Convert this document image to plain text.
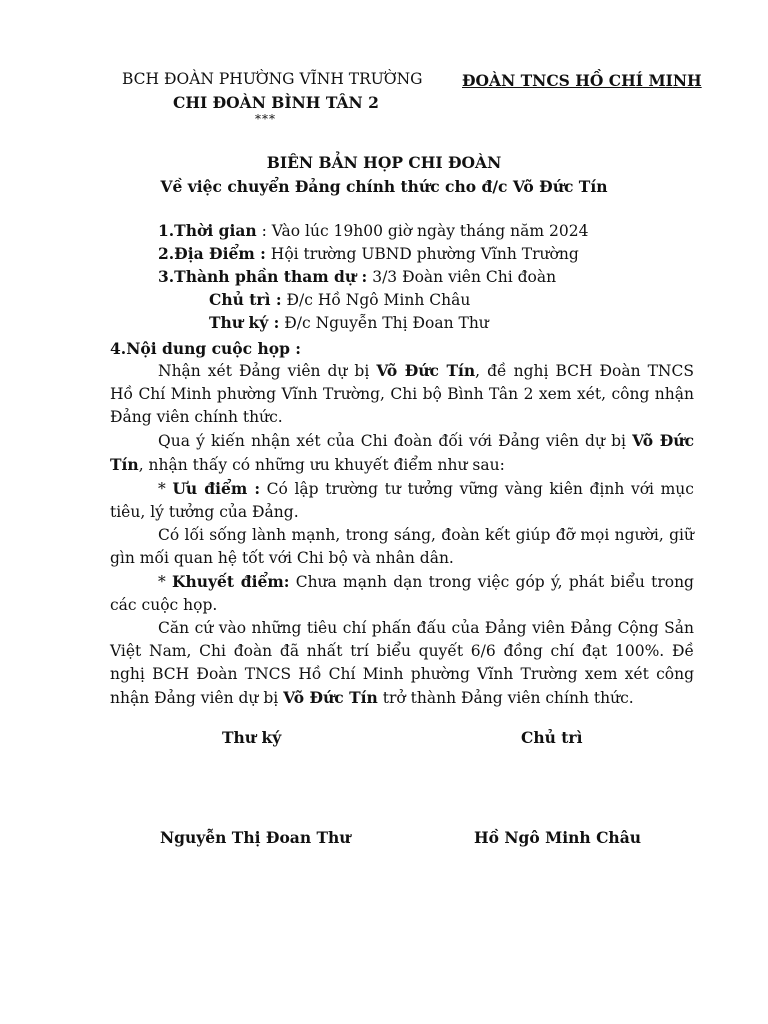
BCH ĐOÀN PHƯỜNG VĨNH TRƯỜNG
CHI ĐOÀN BÌNH TÂN 2
***
ĐOÀN TNCS HỒ CHÍ MINH
BIÊN BẢN HỌP CHI ĐOÀN
Về việc chuyển Đảng chính thức cho đ/c Võ Đức Tín
1.Thời gian : Vào lúc 19h00 giờ ngày tháng năm 2024
2.Địa Điểm : Hội trường UBND phường Vĩnh Trường
3.Thành phần tham dự : 3/3 Đoàn viên Chi đoàn
Chủ trì : Đ/c Hồ Ngô Minh Châu
Thư ký : Đ/c Nguyễn Thị Đoan Thư
4.Nội dung cuộc họp :

Nhận xét Đảng viên dự bị Võ Đức Tín, đề nghị BCH Đoàn TNCS Hồ Chí Minh phường Vĩnh Trường, Chi bộ Bình Tân 2 xem xét, công nhận Đảng viên chính thức.

Qua ý kiến nhận xét của Chi đoàn đối với Đảng viên dự bị Võ Đức Tín, nhận thấy có những ưu khuyết điểm như sau:

* Ưu điểm : Có lập trường tư tưởng vững vàng kiên định với mục tiêu, lý tưởng của Đảng.

Có lối sống lành mạnh, trong sáng, đoàn kết giúp đỡ mọi người, giữ gìn mối quan hệ tốt với Chi bộ và nhân dân.

* Khuyết điểm: Chưa mạnh dạn trong việc góp ý, phát biểu trong các cuộc họp.

Căn cứ vào những tiêu chí phấn đấu của Đảng viên Đảng Cộng Sản Việt Nam, Chi đoàn đã nhất trí biểu quyết 6/6 đồng chí đạt 100%. Đề nghị BCH Đoàn TNCS Hồ Chí Minh phường Vĩnh Trường xem xét công nhận Đảng viên dự bị Võ Đức Tín trở thành Đảng viên chính thức.

Thư ký	Chủ trì
Nguyễn Thị Đoan Thư	Hồ Ngô Minh Châu
